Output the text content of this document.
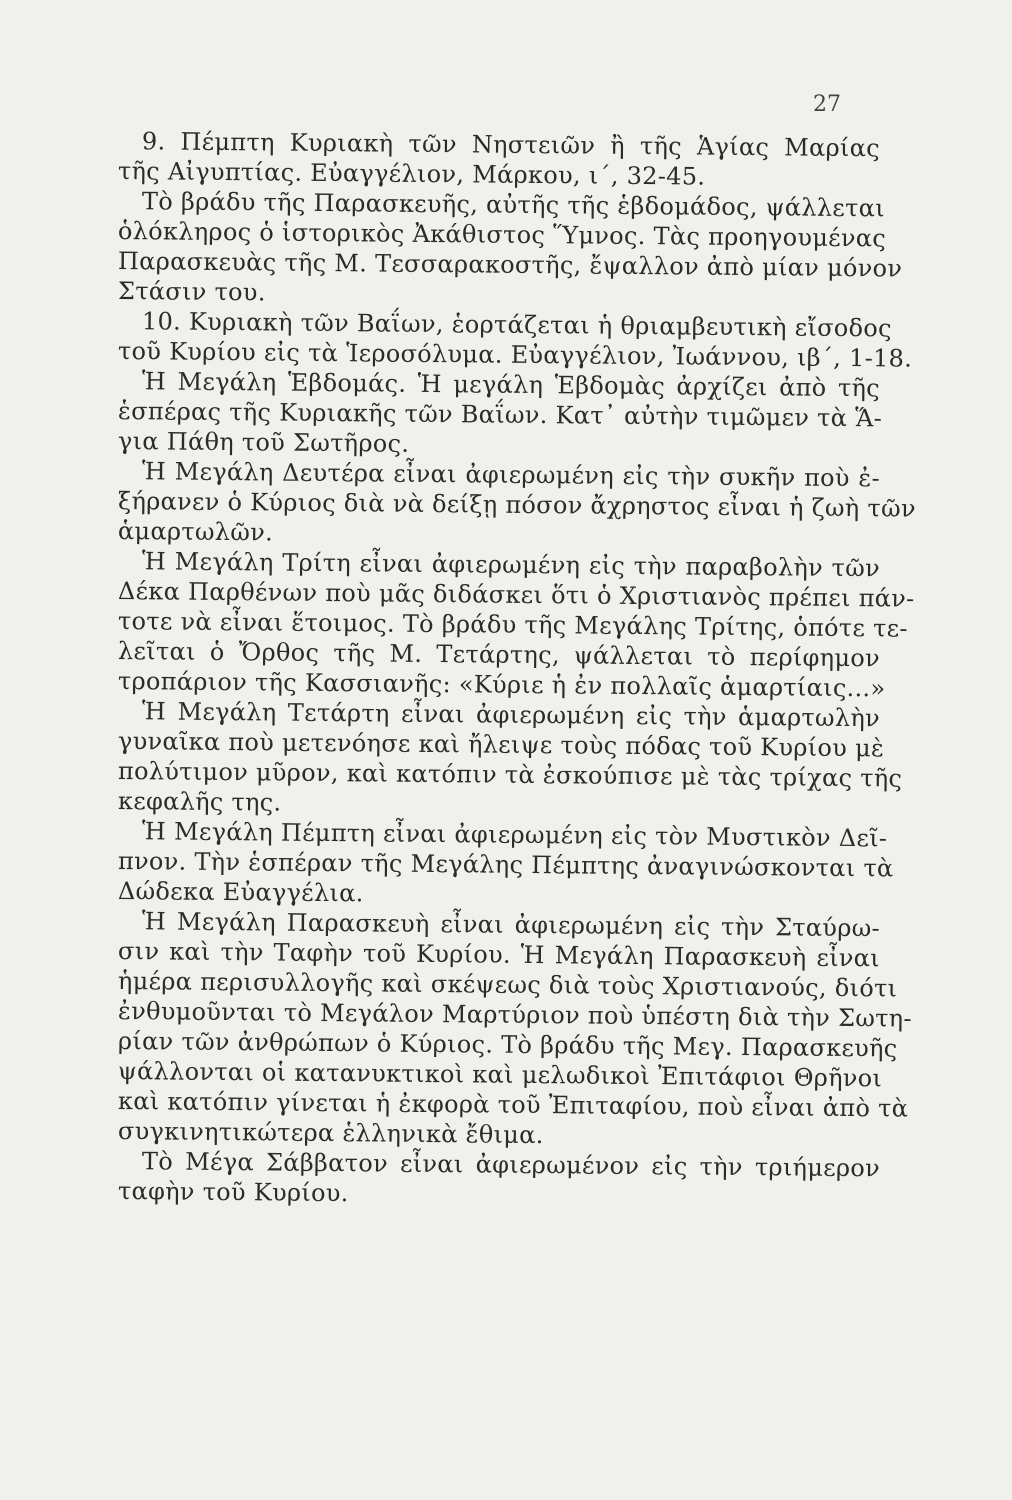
27
9. Πέμπτη Κυριακὴ τῶν Νηστειῶν ἢ τῆς Ἁγίας Μαρίας
τῆς Αἰγυπτίας. Εὐαγγέλιον, Μάρκου, ι΄, 32-45.
Τὸ βράδυ τῆς Παρασκευῆς, αὐτῆς τῆς ἑβδομάδος, ψάλλεται
ὁλόκληρος ὁ ἱστορικὸς Ἀκάθιστος Ὕμνος. Τὰς προηγουμένας
Παρασκευὰς τῆς Μ. Τεσσαρακοστῆς, ἔψαλλον ἀπὸ μίαν μόνον
Στάσιν του.
10. Κυριακὴ τῶν Βαΐων, ἑορτάζεται ἡ θριαμβευτικὴ εἴσοδος
τοῦ Κυρίου εἰς τὰ Ἱεροσόλυμα. Εὐαγγέλιον, Ἰωάννου, ιβ΄, 1-18.
Ἡ Μεγάλη Ἑβδομάς. Ἡ μεγάλη Ἑβδομὰς ἀρχίζει ἀπὸ τῆς
ἑσπέρας τῆς Κυριακῆς τῶν Βαΐων. Κατ᾽ αὐτὴν τιμῶμεν τὰ Ἅ-
για Πάθη τοῦ Σωτῆρος.
Ἡ Μεγάλη Δευτέρα εἶναι ἀφιερωμένη εἰς τὴν συκῆν ποὺ ἐ-
ξήρανεν ὁ Κύριος διὰ νὰ δείξῃ πόσον ἄχρηστος εἶναι ἡ ζωὴ τῶν
ἁμαρτωλῶν.
Ἡ Μεγάλη Τρίτη εἶναι ἀφιερωμένη εἰς τὴν παραβολὴν τῶν
Δέκα Παρθένων ποὺ μᾶς διδάσκει ὅτι ὁ Χριστιανὸς πρέπει πάν-
τοτε νὰ εἶναι ἕτοιμος. Τὸ βράδυ τῆς Μεγάλης Τρίτης, ὁπότε τε-
λεῖται ὁ Ὄρθος τῆς Μ. Τετάρτης, ψάλλεται τὸ περίφημον
τροπάριον τῆς Κασσιανῆς: «Κύριε ἡ ἐν πολλαῖς ἁμαρτίαις...»
Ἡ Μεγάλη Τετάρτη εἶναι ἀφιερωμένη εἰς τὴν ἁμαρτωλὴν
γυναῖκα ποὺ μετενόησε καὶ ἤλειψε τοὺς πόδας τοῦ Κυρίου μὲ
πολύτιμον μῦρον, καὶ κατόπιν τὰ ἐσκούπισε μὲ τὰς τρίχας τῆς
κεφαλῆς της.
Ἡ Μεγάλη Πέμπτη εἶναι ἀφιερωμένη εἰς τὸν Μυστικὸν Δεῖ-
πνον. Τὴν ἑσπέραν τῆς Μεγάλης Πέμπτης ἀναγινώσκονται τὰ
Δώδεκα Εὐαγγέλια.
Ἡ Μεγάλη Παρασκευὴ εἶναι ἀφιερωμένη εἰς τὴν Σταύρω-
σιν καὶ τὴν Ταφὴν τοῦ Κυρίου. Ἡ Μεγάλη Παρασκευὴ εἶναι
ἡμέρα περισυλλογῆς καὶ σκέψεως διὰ τοὺς Χριστιανούς, διότι
ἐνθυμοῦνται τὸ Μεγάλον Μαρτύριον ποὺ ὑπέστη διὰ τὴν Σωτη-
ρίαν τῶν ἀνθρώπων ὁ Κύριος. Τὸ βράδυ τῆς Μεγ. Παρασκευῆς
ψάλλονται οἱ κατανυκτικοὶ καὶ μελωδικοὶ Ἐπιτάφιοι Θρῆνοι
καὶ κατόπιν γίνεται ἡ ἐκφορὰ τοῦ Ἐπιταφίου, ποὺ εἶναι ἀπὸ τὰ
συγκινητικώτερα ἑλληνικὰ ἔθιμα.
Τὸ Μέγα Σάββατον εἶναι ἀφιερωμένον εἰς τὴν τριήμερον
ταφὴν τοῦ Κυρίου.
